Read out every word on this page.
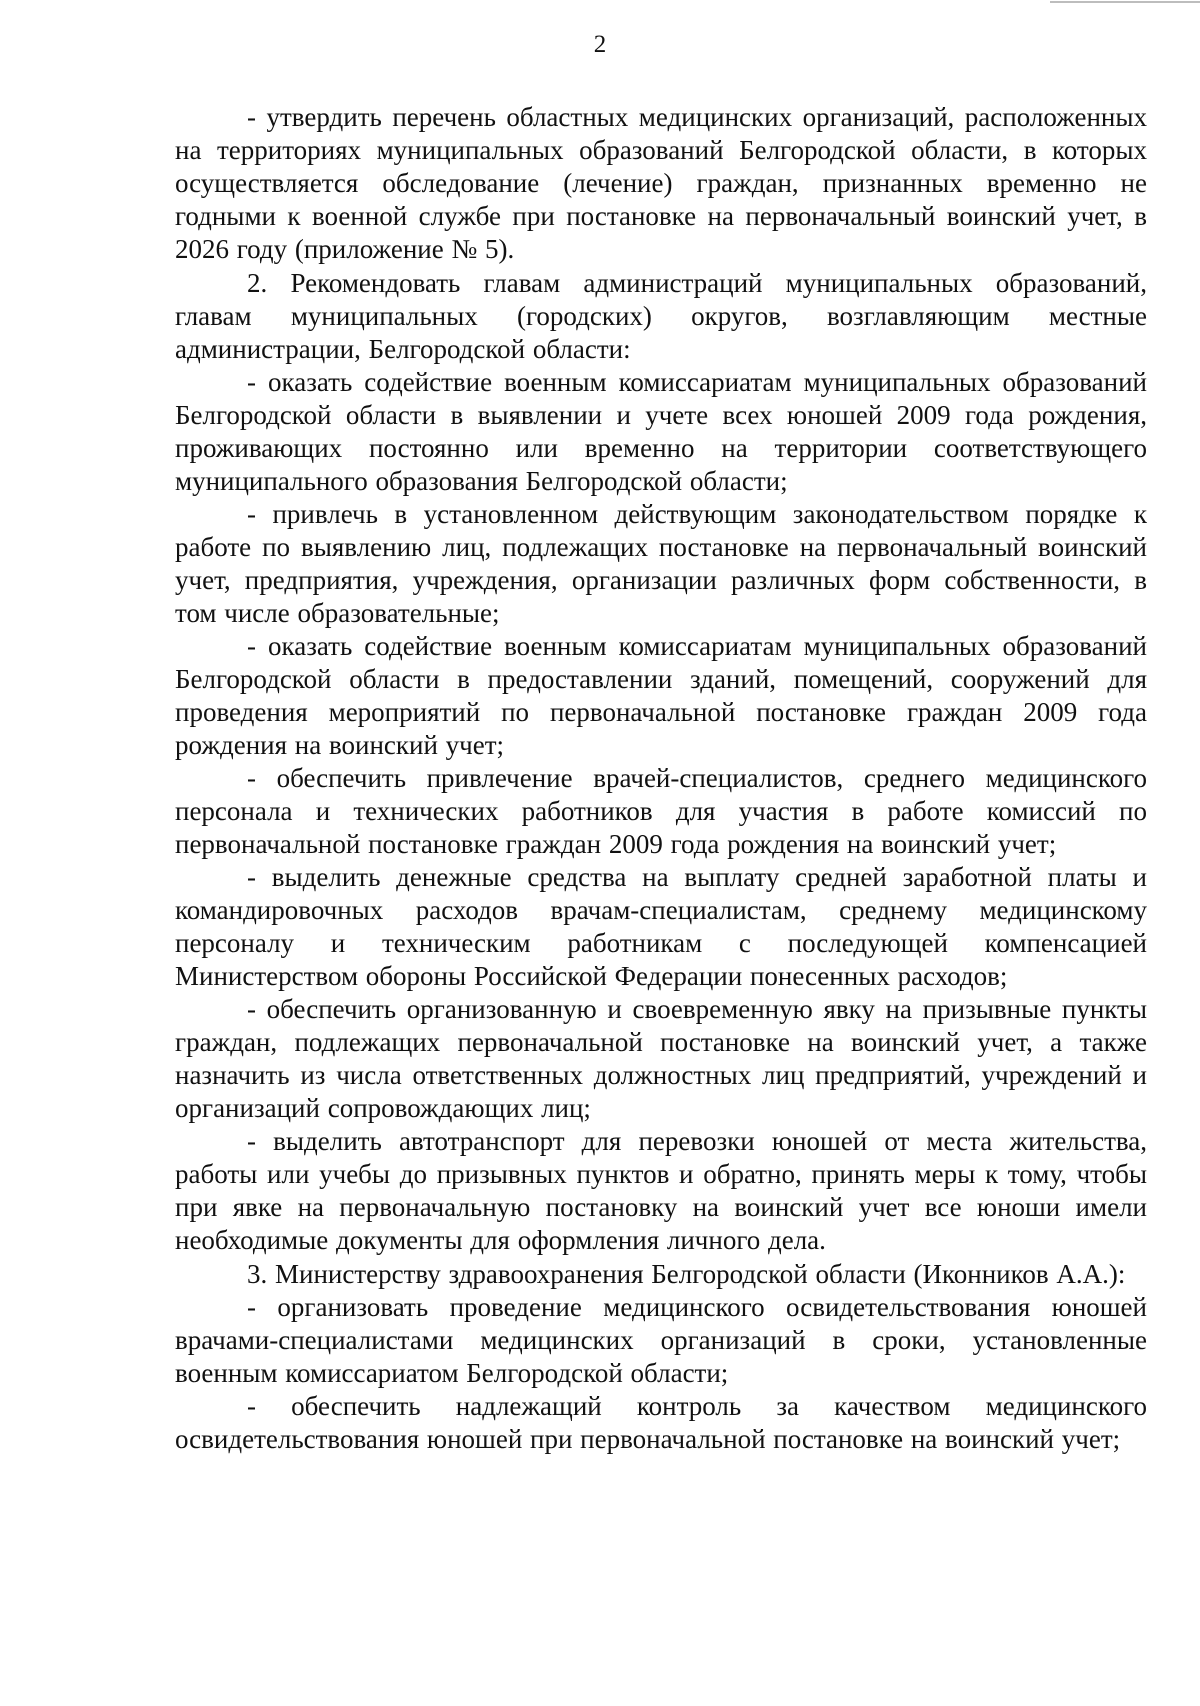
2

- утвердить перечень областных медицинских организаций, расположенных на территориях муниципальных образований Белгородской области, в которых осуществляется обследование (лечение) граждан, признанных временно не годными к военной службе при постановке на первоначальный воинский учет, в 2026 году (приложение № 5).

2. Рекомендовать главам администраций муниципальных образований, главам муниципальных (городских) округов, возглавляющим местные администрации, Белгородской области:

- оказать содействие военным комиссариатам муниципальных образований Белгородской области в выявлении и учете всех юношей 2009 года рождения, проживающих постоянно или временно на территории соответствующего муниципального образования Белгородской области;

- привлечь в установленном действующим законодательством порядке к работе по выявлению лиц, подлежащих постановке на первоначальный воинский учет, предприятия, учреждения, организации различных форм собственности, в том числе образовательные;

- оказать содействие военным комиссариатам муниципальных образований Белгородской области в предоставлении зданий, помещений, сооружений для проведения мероприятий по первоначальной постановке граждан 2009 года рождения на воинский учет;

- обеспечить привлечение врачей-специалистов, среднего медицинского персонала и технических работников для участия в работе комиссий по первоначальной постановке граждан 2009 года рождения на воинский учет;

- выделить денежные средства на выплату средней заработной платы и командировочных расходов врачам-специалистам, среднему медицинскому персоналу и техническим работникам с последующей компенсацией Министерством обороны Российской Федерации понесенных расходов;

- обеспечить организованную и своевременную явку на призывные пункты граждан, подлежащих первоначальной постановке на воинский учет, а также назначить из числа ответственных должностных лиц предприятий, учреждений и организаций сопровождающих лиц;

- выделить автотранспорт для перевозки юношей от места жительства, работы или учебы до призывных пунктов и обратно, принять меры к тому, чтобы при явке на первоначальную постановку на воинский учет все юноши имели необходимые документы для оформления личного дела.

3. Министерству здравоохранения Белгородской области (Иконников А.А.):

- организовать проведение медицинского освидетельствования юношей врачами-специалистами медицинских организаций в сроки, установленные военным комиссариатом Белгородской области;

- обеспечить надлежащий контроль за качеством медицинского освидетельствования юношей при первоначальной постановке на воинский учет;
